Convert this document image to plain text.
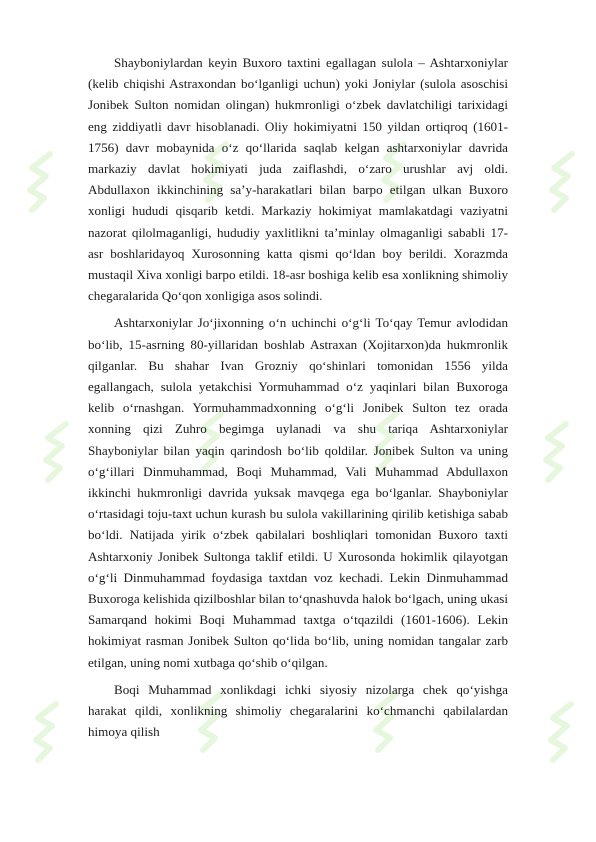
Shayboniylardan keyin Buxoro taxtini egallagan sulola – Ashtarxoniylar (kelib chiqishi Astraxondan bo‘lganligi uchun) yoki Joniylar (sulola asoschisi Jonibek Sulton nomidan olingan) hukmronligi o‘zbek davlatchiligi tarixidagi eng ziddiyatli davr hisoblanadi. Oliy hokimiyatni 150 yildan ortiqroq (1601-1756) davr mobaynida o‘z qo‘llarida saqlab kelgan ashtarxoniylar davrida markaziy davlat hokimiyati juda zaiflashdi, o‘zaro urushlar avj oldi. Abdullaxon ikkinchining sa’y-harakatlari bilan barpo etilgan ulkan Buxoro xonligi hududi qisqarib ketdi. Markaziy hokimiyat mamlakatdagi vaziyatni nazorat qilolmaganligi, hududiy yaxlitlikni ta’minlay olmaganligi sababli 17-asr boshlaridayoq Xurosonning katta qismi qo‘ldan boy berildi. Xorazmda mustaqil Xiva xonligi barpo etildi. 18-asr boshiga kelib esa xonlikning shimoliy chegaralarida Qo‘qon xonligiga asos solindi.

Ashtarxoniylar Jo‘jixonning o‘n uchinchi o‘g‘li To‘qay Temur avlodidan bo‘lib, 15-asrning 80-yillaridan boshlab Astraxan (Xojitarxon)da hukmronlik qilganlar. Bu shahar Ivan Grozniy qo‘shinlari tomonidan 1556 yilda egallangach, sulola yetakchisi Yormuhammad o‘z yaqinlari bilan Buxoroga kelib o‘rnashgan. Yormuhammadxonning o‘g‘li Jonibek Sulton tez orada xonning qizi Zuhro begimga uylanadi va shu tariqa Ashtarxoniylar Shayboniylar bilan yaqin qarindosh bo‘lib qoldilar. Jonibek Sulton va uning o‘g‘illari Dinmuhammad, Boqi Muhammad, Vali Muhammad Abdullaxon ikkinchi hukmronligi davrida yuksak mavqega ega bo‘lganlar. Shayboniylar o‘rtasidagi toju-taxt uchun kurash bu sulola vakillarining qirilib ketishiga sabab bo‘ldi. Natijada yirik o‘zbek qabilalari boshliqlari tomonidan Buxoro taxti Ashtarxoniy Jonibek Sultonga taklif etildi. U Xurosonda hokimlik qilayotgan o‘g‘li Dinmuhammad foydasiga taxtdan voz kechadi. Lekin Dinmuhammad Buxoroga kelishida qizilboshlar bilan to‘qnashuvda halok bo‘lgach, uning ukasi Samarqand hokimi Boqi Muhammad taxtga o‘tqazildi (1601-1606). Lekin hokimiyat rasman Jonibek Sulton qo‘lida bo‘lib, uning nomidan tangalar zarb etilgan, uning nomi xutbaga qo‘shib o‘qilgan.

Boqi Muhammad xonlikdagi ichki siyosiy nizolarga chek qo‘yishga harakat qildi, xonlikning shimoliy chegaralarini ko‘chmanchi qabilalardan himoya qilish
